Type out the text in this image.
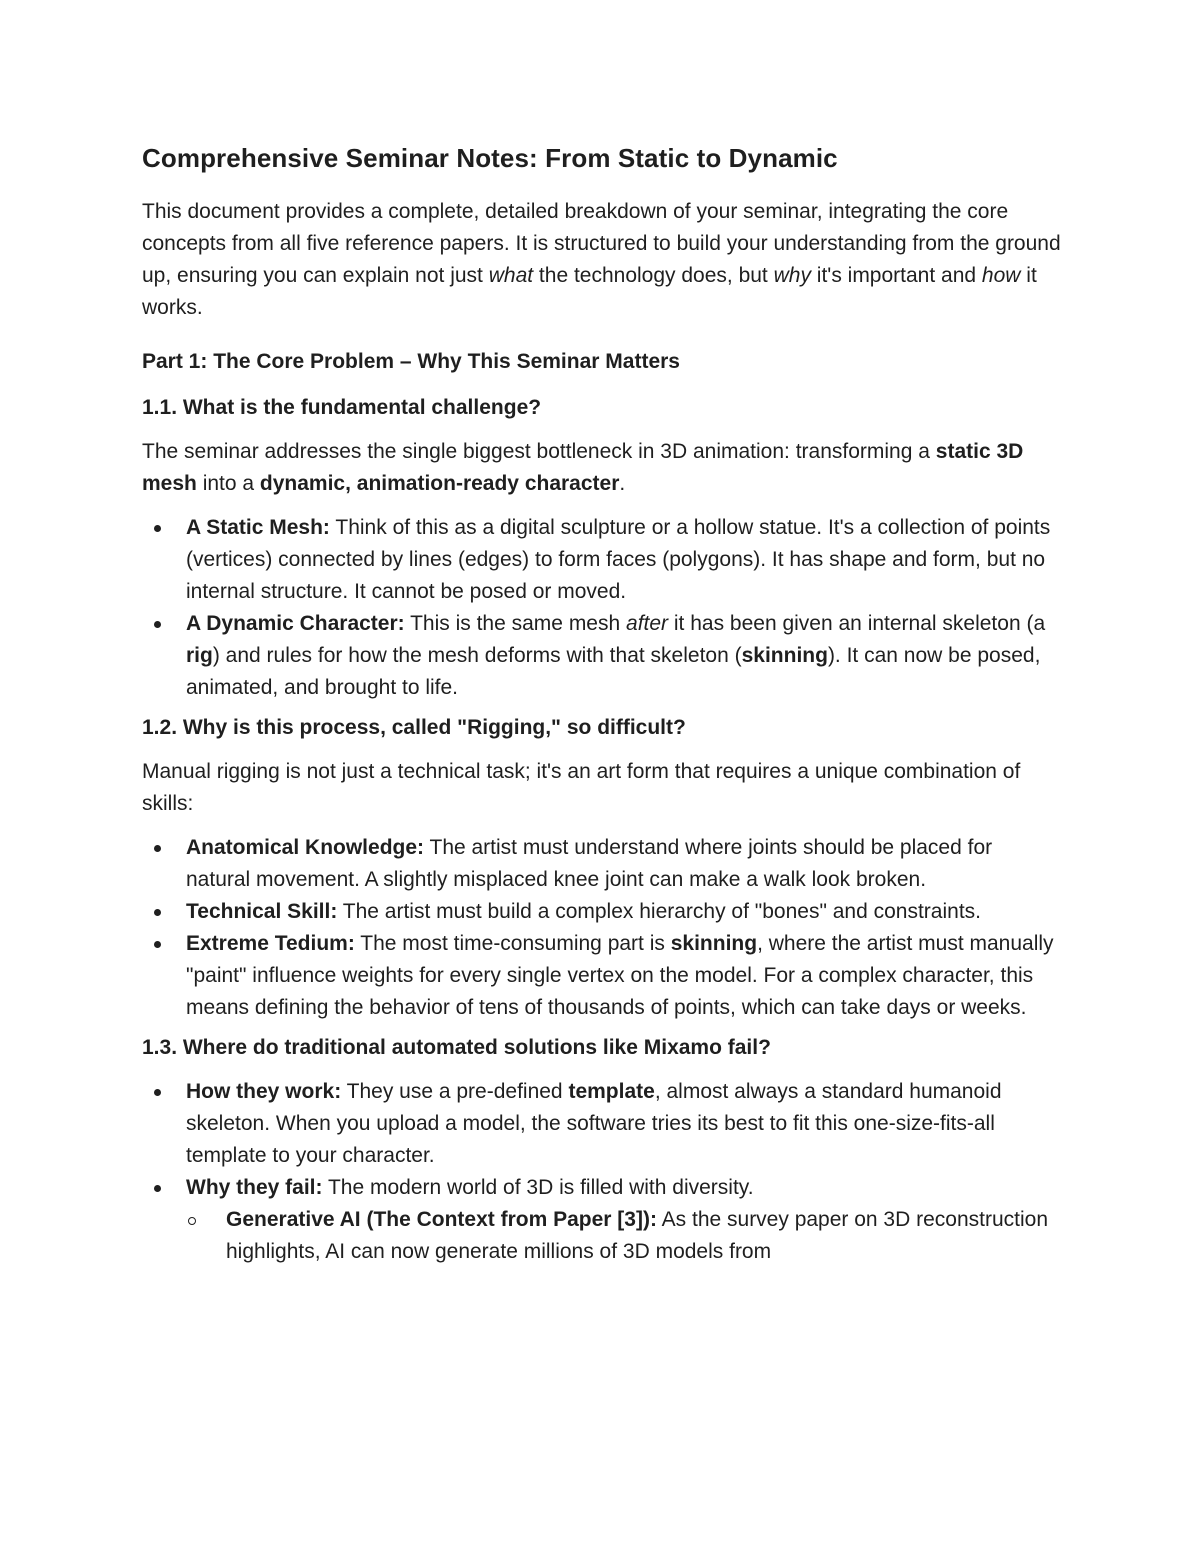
Comprehensive Seminar Notes: From Static to Dynamic

This document provides a complete, detailed breakdown of your seminar, integrating the core concepts from all five reference papers. It is structured to build your understanding from the ground up, ensuring you can explain not just what the technology does, but why it's important and how it works.

Part 1: The Core Problem – Why This Seminar Matters
1.1. What is the fundamental challenge?

The seminar addresses the single biggest bottleneck in 3D animation: transforming a static 3D mesh into a dynamic, animation-ready character.

A Static Mesh: Think of this as a digital sculpture or a hollow statue. It's a collection of points (vertices) connected by lines (edges) to form faces (polygons). It has shape and form, but no internal structure. It cannot be posed or moved.
A Dynamic Character: This is the same mesh after it has been given an internal skeleton (a rig) and rules for how the mesh deforms with that skeleton (skinning). It can now be posed, animated, and brought to life.
1.2. Why is this process, called "Rigging," so difficult?

Manual rigging is not just a technical task; it's an art form that requires a unique combination of skills:

Anatomical Knowledge: The artist must understand where joints should be placed for natural movement. A slightly misplaced knee joint can make a walk look broken.
Technical Skill: The artist must build a complex hierarchy of "bones" and constraints.
Extreme Tedium: The most time-consuming part is skinning, where the artist must manually "paint" influence weights for every single vertex on the model. For a complex character, this means defining the behavior of tens of thousands of points, which can take days or weeks.
1.3. Where do traditional automated solutions like Mixamo fail?
How they work: They use a pre-defined template, almost always a standard humanoid skeleton. When you upload a model, the software tries its best to fit this one-size-fits-all template to your character.
Why they fail: The modern world of 3D is filled with diversity.
Generative AI (The Context from Paper [3]): As the survey paper on 3D reconstruction highlights, AI can now generate millions of 3D models from
